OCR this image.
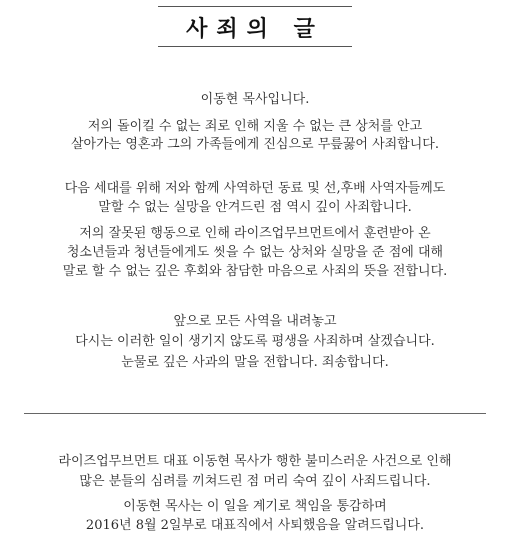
사죄의 글
이동현 목사입니다.
저의 돌이킬 수 없는 죄로 인해 지울 수 없는 큰 상처를 안고
살아가는 영혼과 그의 가족들에게 진심으로 무릎꿇어 사죄합니다.
다음 세대를 위해 저와 함께 사역하던 동료 및 선,후배 사역자들께도
말할 수 없는 실망을 안겨드린 점 역시 깊이 사죄합니다.
저의 잘못된 행동으로 인해 라이즈업무브먼트에서 훈련받아 온
청소년들과 청년들에게도 씻을 수 없는 상처와 실망을 준 점에 대해
말로 할 수 없는 깊은 후회와 참담한 마음으로 사죄의 뜻을 전합니다.
앞으로 모든 사역을 내려놓고
다시는 이러한 일이 생기지 않도록 평생을 사죄하며 살겠습니다.
눈물로 깊은 사과의 말을 전합니다. 죄송합니다.
라이즈업무브먼트 대표 이동현 목사가 행한 불미스러운 사건으로 인해
많은 분들의 심려를 끼쳐드린 점 머리 숙여 깊이 사죄드립니다.
이동현 목사는 이 일을 계기로 책임을 통감하며
2016년 8월 2일부로 대표직에서 사퇴했음을 알려드립니다.
